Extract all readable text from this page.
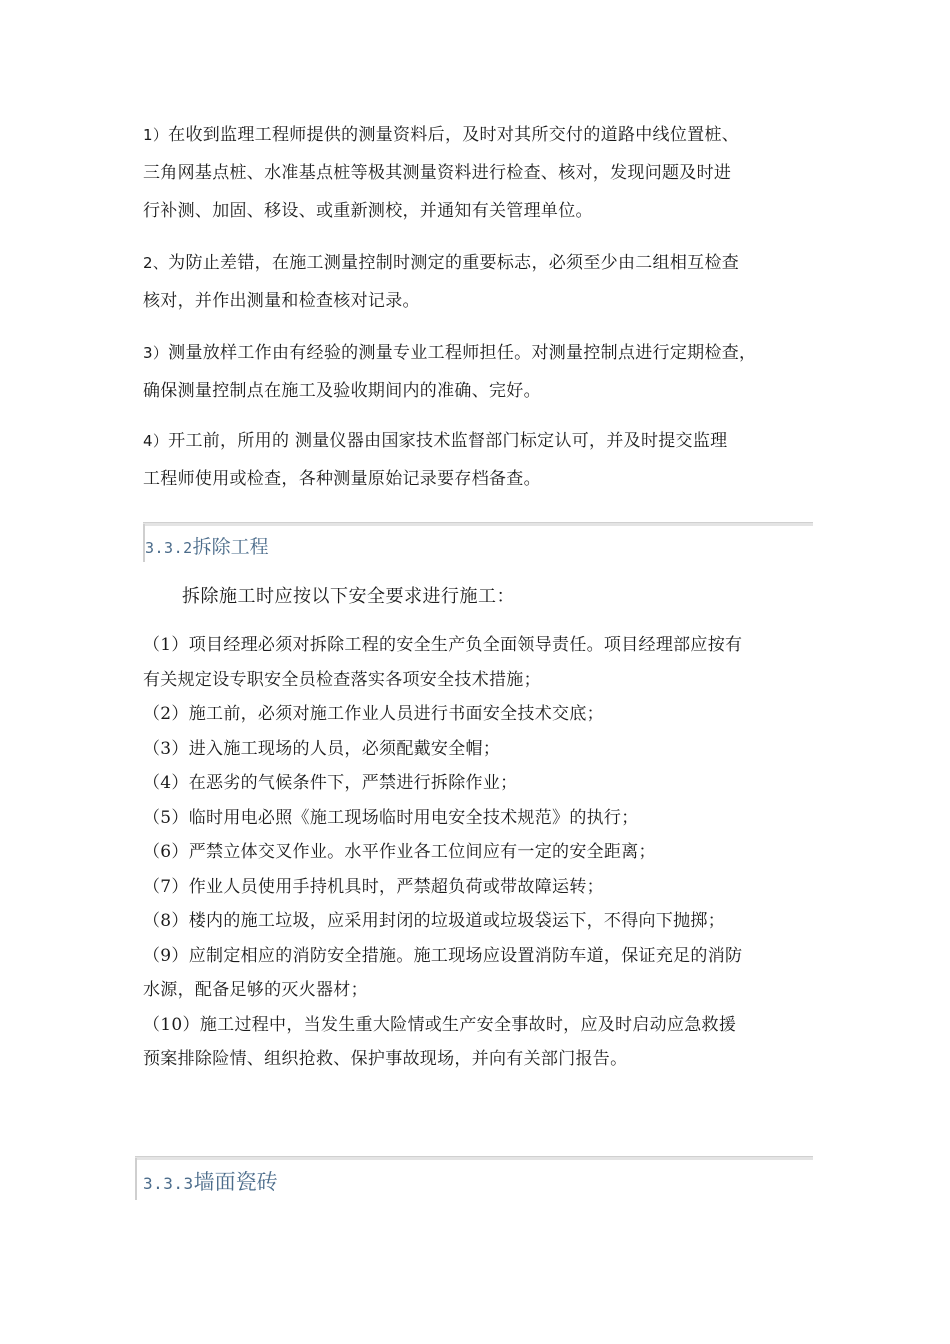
1）在收到监理工程师提供的测量资料后，及时对其所交付的道路中线位置桩、
三角网基点桩、水准基点桩等极其测量资料进行检查、核对，发现问题及时进
行补测、加固、移设、或重新测校，并通知有关管理单位。

2、为防止差错，在施工测量控制时测定的重要标志，必须至少由二组相互检查
核对，并作出测量和检查核对记录。

3）测量放样工作由有经验的测量专业工程师担任。对测量控制点进行定期检查，
确保测量控制点在施工及验收期间内的准确、完好。

4）开工前，所用的 测量仪器由国家技术监督部门标定认可，并及时提交监理
工程师使用或检查，各种测量原始记录要存档备查。

3.3.2拆除工程
拆除施工时应按以下安全要求进行施工：
（1）项目经理必须对拆除工程的安全生产负全面领导责任。项目经理部应按有
有关规定设专职安全员检查落实各项安全技术措施；
（2）施工前，必须对施工作业人员进行书面安全技术交底；
（3）进入施工现场的人员，必须配戴安全帽；
（4）在恶劣的气候条件下，严禁进行拆除作业；
（5）临时用电必照《施工现场临时用电安全技术规范》的执行；
（6）严禁立体交叉作业。水平作业各工位间应有一定的安全距离；
（7）作业人员使用手持机具时，严禁超负荷或带故障运转；
（8）楼内的施工垃圾，应采用封闭的垃圾道或垃圾袋运下，不得向下抛掷；
（9）应制定相应的消防安全措施。施工现场应设置消防车道，保证充足的消防
水源，配备足够的灭火器材；
（10）施工过程中，当发生重大险情或生产安全事故时，应及时启动应急救援
预案排除险情、组织抢救、保护事故现场，并向有关部门报告。
3.3.3墙面瓷砖
